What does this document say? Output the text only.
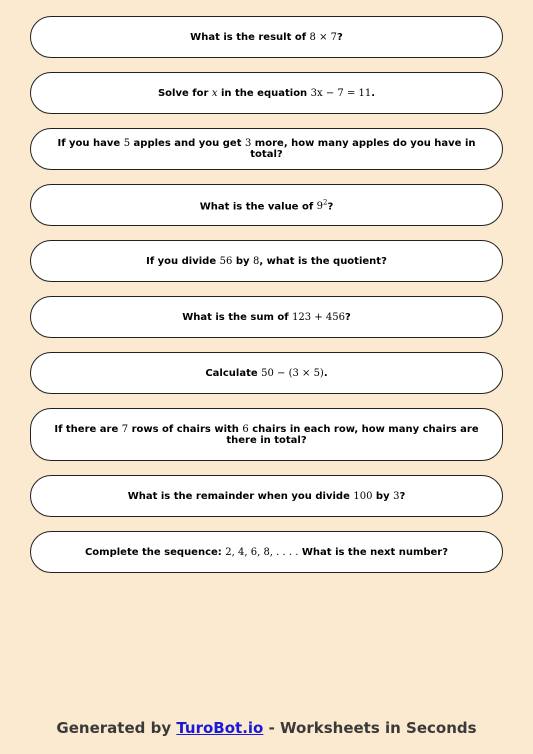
What is the result of 8 × 7?
Solve for x in the equation 3x − 7 = 11.
If you have 5 apples and you get 3 more, how many apples do you have in total?
What is the value of $9^2$?
If you divide 56 by 8, what is the quotient?
What is the sum of 123 + 456?
Calculate 50 − (3 × 5).
If there are 7 rows of chairs with 6 chairs in each row, how many chairs are there in total?
What is the remainder when you divide 100 by 3?
Complete the sequence: 2, 4, 6, 8, . . . . What is the next number?
Generated by TuroBot.io - Worksheets in Seconds
